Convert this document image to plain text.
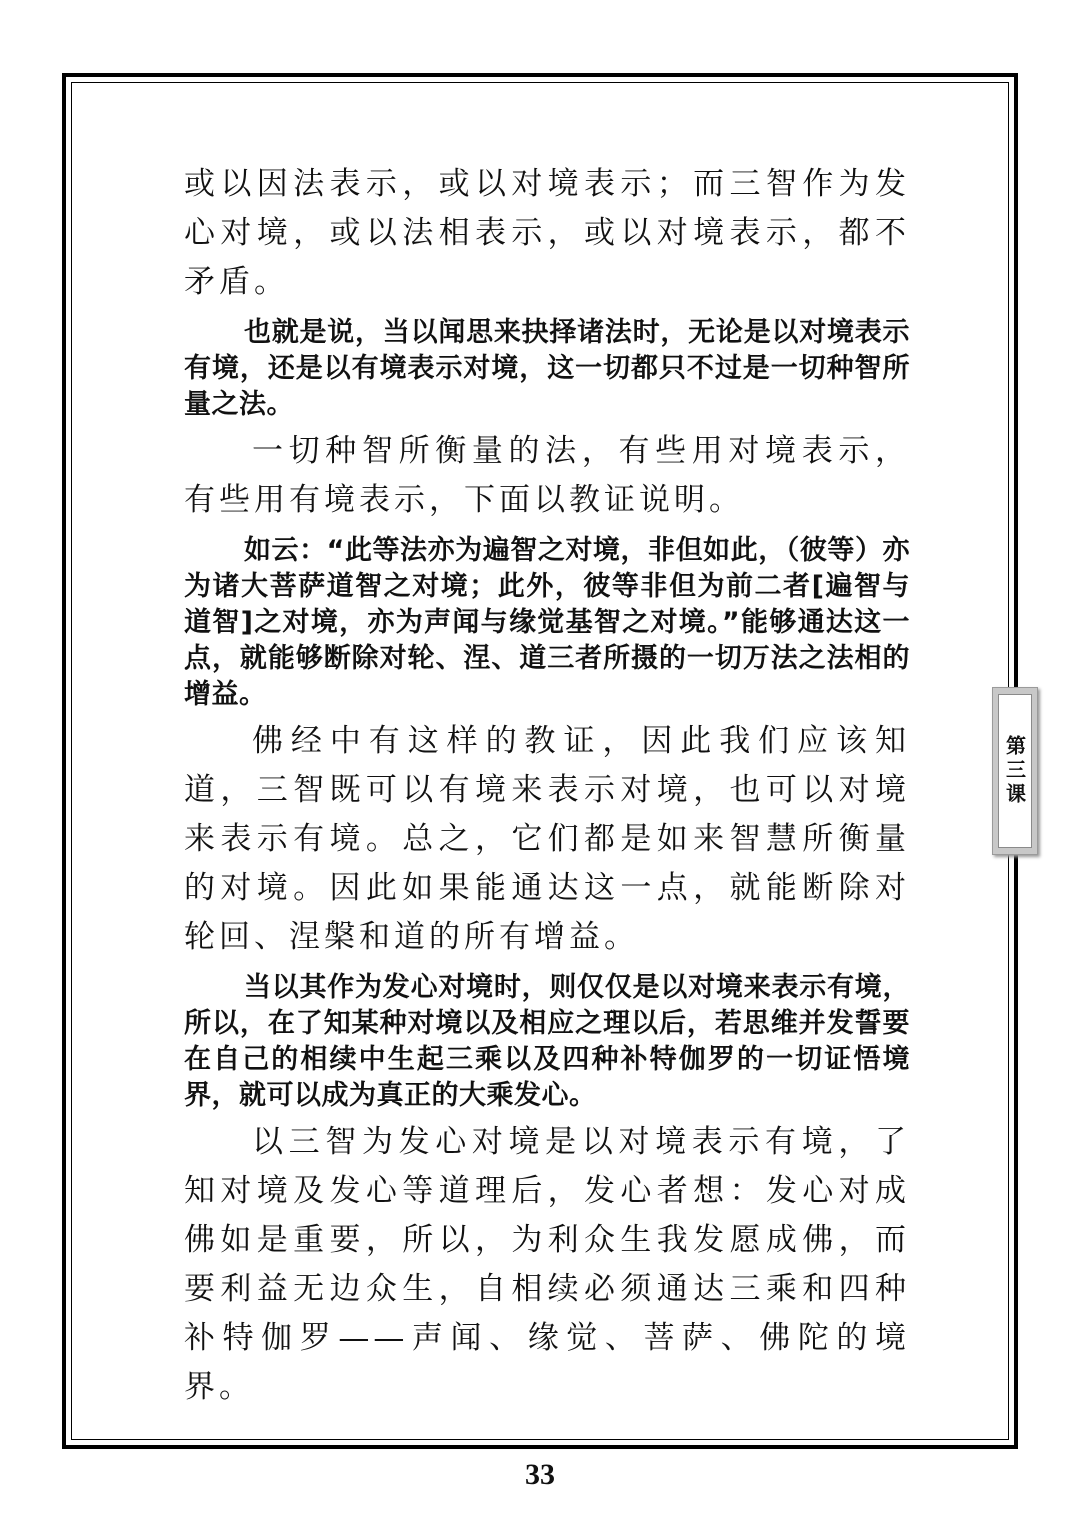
或以因法表示，或以对境表示；而三智作为发心对境，或以法相表示，或以对境表示，都不矛盾。

也就是说，当以闻思来抉择诸法时，无论是以对境表示有境，还是以有境表示对境，这一切都只不过是一切种智所量之法。

一切种智所衡量的法，有些用对境表示，有些用有境表示，下面以教证说明。

如云：“此等法亦为遍智之对境，非但如此，（彼等）亦为诸大菩萨道智之对境；此外，彼等非但为前二者[遍智与道智]之对境，亦为声闻与缘觉基智之对境。”能够通达这一点，就能够断除对轮、涅、道三者所摄的一切万法之法相的增益。

佛经中有这样的教证，因此我们应该知道，三智既可以有境来表示对境，也可以对境来表示有境。总之，它们都是如来智慧所衡量的对境。因此如果能通达这一点，就能断除对轮回、涅槃和道的所有增益。

当以其作为发心对境时，则仅仅是以对境来表示有境，所以，在了知某种对境以及相应之理以后，若思维并发誓要在自己的相续中生起三乘以及四种补特伽罗的一切证悟境界，就可以成为真正的大乘发心。

以三智为发心对境是以对境表示有境，了知对境及发心等道理后，发心者想：发心对成佛如是重要，所以，为利众生我发愿成佛，而要利益无边众生，自相续必须通达三乘和四种补特伽罗——声闻、缘觉、菩萨、佛陀的境界。

第三课
33
